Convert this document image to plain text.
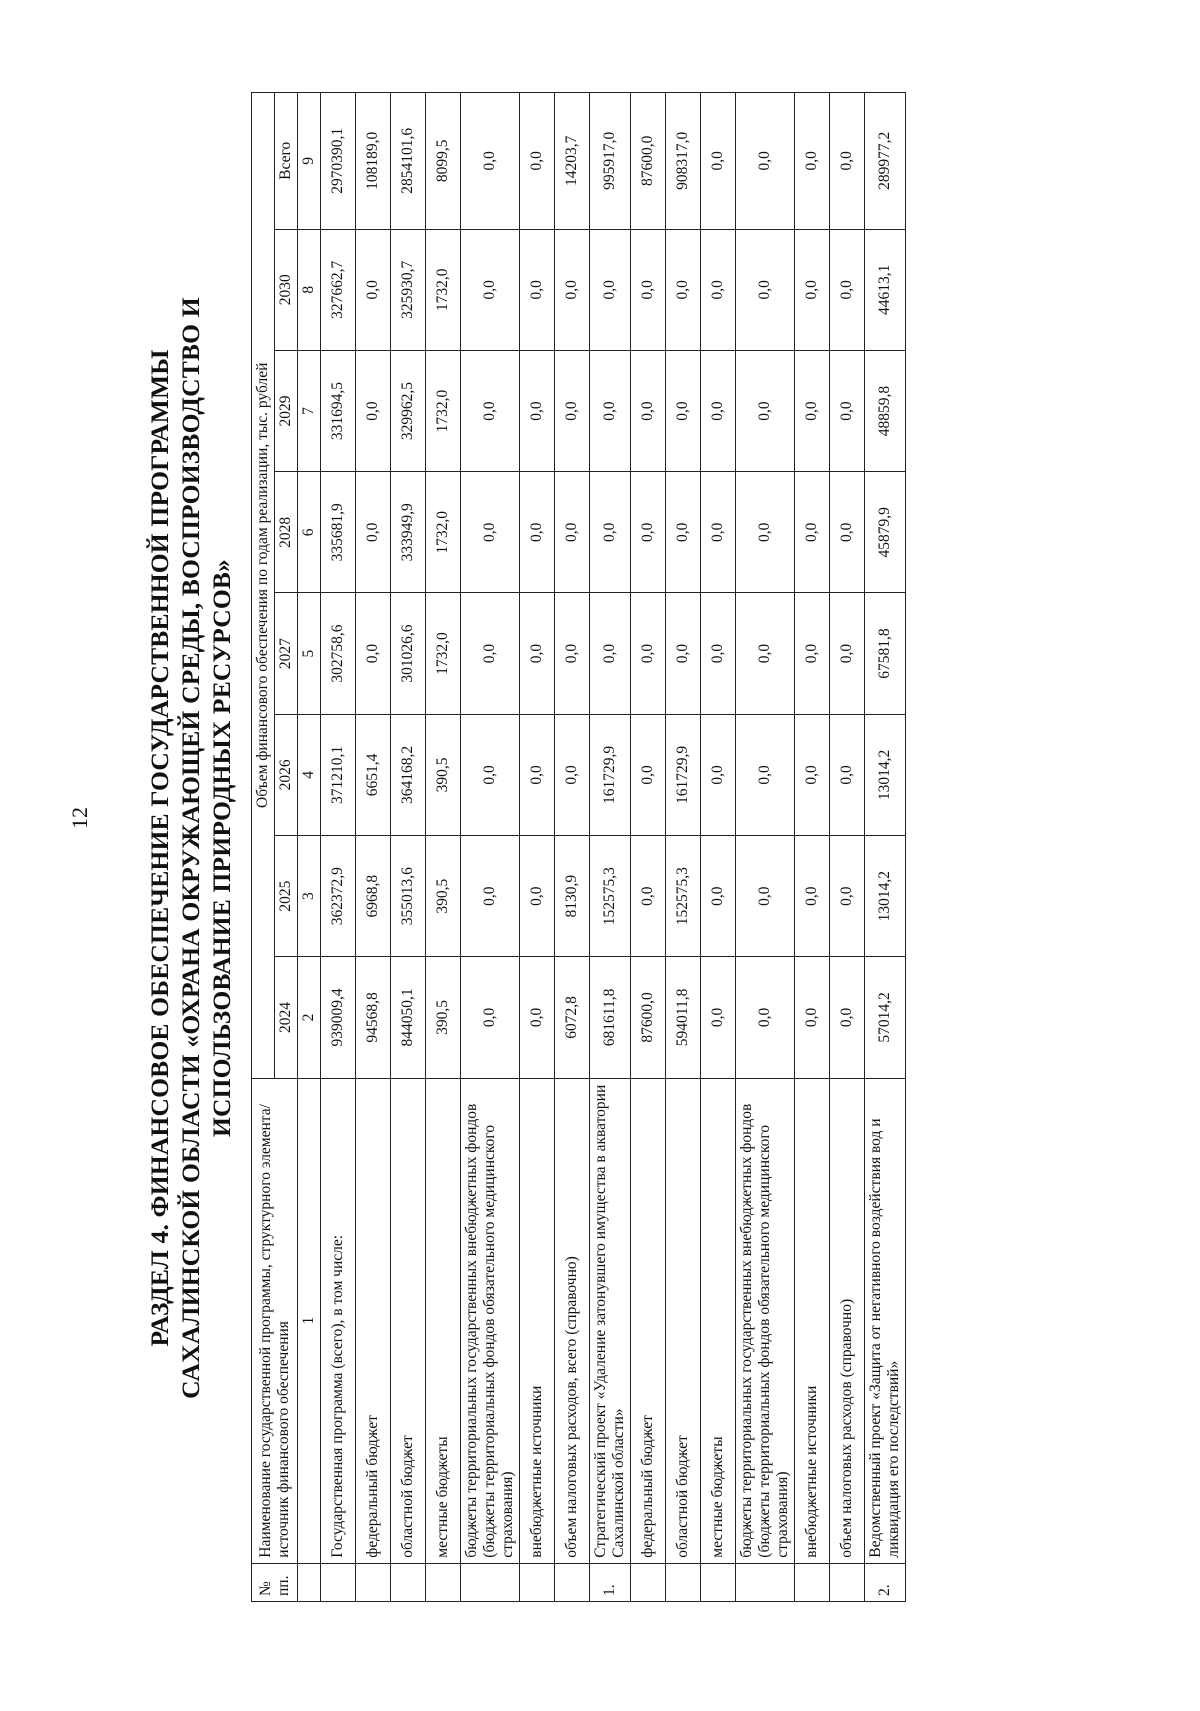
12 РАЗДЕЛ 4. ФИНАНСОВОЕ ОБЕСПЕЧЕНИЕ ГОСУДАРСТВЕННОЙ ПРОГРАММЫ САХАЛИНСКОЙ ОБЛАСТИ «ОХРАНА ОКРУЖАЮЩЕЙ СРЕДЫ, ВОСПРОИЗВОДСТВО И ИСПОЛЬЗОВАНИЕ ПРИРОДНЫХ РЕСУРСОВ»
№ пп.	Наименование государственной программы, структурного элемента/источник финансового обеспечения	Объем финансового обеспечения по годам реализации, тыс. рублей							
		2024	2025	2026	2027	2028	2029	2030	Всего
	1	2	3	4	5	6	7	8	9
	Государственная программа (всего), в том числе:	939009,4	362372,9	371210,1	302758,6	335681,9	331694,5	327662,7	2970390,1
	федеральный бюджет	94568,8	6968,8	6651,4	0,0	0,0	0,0	0,0	108189,0
	областной бюджет	844050,1	355013,6	364168,2	301026,6	333949,9	329962,5	325930,7	2854101,6
	местные бюджеты	390,5	390,5	390,5	1732,0	1732,0	1732,0	1732,0	8099,5
	бюджеты территориальных государственных внебюджетных фондов (бюджеты территориальных фондов обязательного медицинского страхования)	0,0	0,0	0,0	0,0	0,0	0,0	0,0	0,0
	внебюджетные источники	0,0	0,0	0,0	0,0	0,0	0,0	0,0	0,0
	объем налоговых расходов, всего (справочно)	6072,8	8130,9	0,0	0,0	0,0	0,0	0,0	14203,7
1.	Стратегический проект «Удаление затонувшего имущества в акватории Сахалинской области»	681611,8	152575,3	161729,9	0,0	0,0	0,0	0,0	995917,0
	федеральный бюджет	87600,0	0,0	0,0	0,0	0,0	0,0	0,0	87600,0
	областной бюджет	594011,8	152575,3	161729,9	0,0	0,0	0,0	0,0	908317,0
	местные бюджеты	0,0	0,0	0,0	0,0	0,0	0,0	0,0	0,0
	бюджеты территориальных государственных внебюджетных фондов (бюджеты территориальных фондов обязательного медицинского страхования)	0,0	0,0	0,0	0,0	0,0	0,0	0,0	0,0
	внебюджетные источники	0,0	0,0	0,0	0,0	0,0	0,0	0,0	0,0
	объем налоговых расходов (справочно)	0,0	0,0	0,0	0,0	0,0	0,0	0,0	0,0
2.	Ведомственный проект «Защита от негативного воздействия вод и ликвидация его последствий»	57014,2	13014,2	13014,2	67581,8	45879,9	48859,8	44613,1	289977,2
